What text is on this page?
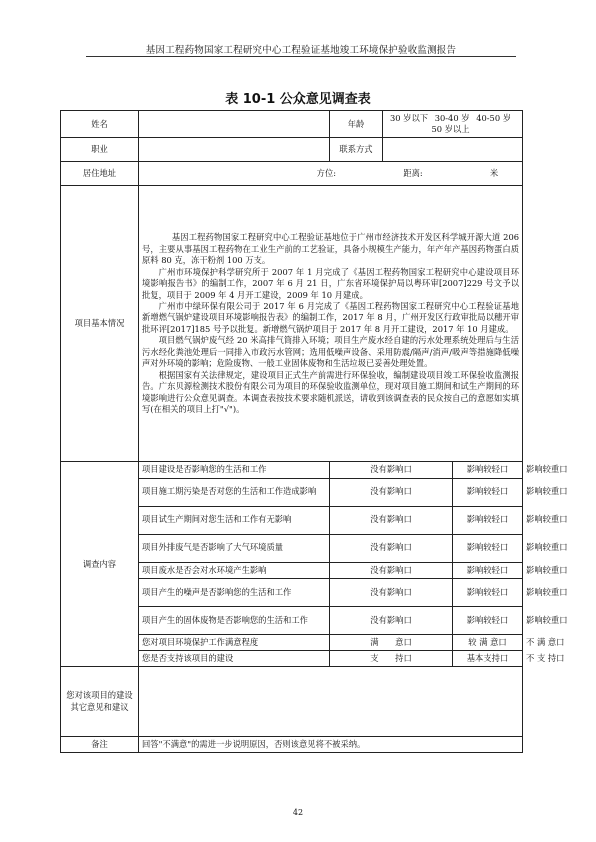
基因工程药物国家工程研究中心工程验证基地竣工环境保护验收监测报告
表 10-1 公众意见调查表
姓名		年龄	30 岁以下 30-40 岁 40-50 岁 50 岁以上		
职业		联系方式			
居住地址	方位: 距离: 米				
项目基本情况	基因工程药物国家工程研究中心工程验证基地位于广州市经济技术开发区科学城开源大道 206 号，主要从事基因工程药物在工业生产前的工艺验证，具备小规模生产能力，年产年产基因药物蛋白质原料 80 克，冻干粉剂 100 万支。

广州市环境保护科学研究所于 2007 年 1 月完成了《基因工程药物国家工程研究中心建设项目环境影响报告书》的编制工作，2007 年 6 月 21 日，广东省环境保护局以粤环审[2007]229 号文予以批复，项目于 2009 年 4 月开工建设，2009 年 10 月建成。

广州市中绿环保有限公司于 2017 年 6 月完成了《基因工程药物国家工程研究中心工程验证基地新增燃气锅炉建设项目环境影响报告表》的编制工作，2017 年 8 月，广州开发区行政审批局以穗开审批环评[2017]185 号予以批复。新增燃气锅炉项目于 2017 年 8 月开工建设，2017 年 10 月建成。

项目燃气锅炉废气经 20 米高排气筒排入环境；项目生产废水经自建的污水处理系统处理后与生活污水经化粪池处理后一同排入市政污水管网；选用低噪声设备、采用防震/隔声/消声/吸声等措施降低噪声对外环境的影响；危险废物、一般工业固体废物和生活垃圾已妥善处理处置。

根据国家有关法律规定，建设项目正式生产前需进行环保验收，编制建设项目竣工环保验收监测报告。广东贝源检测技术股份有限公司为项目的环保验收监测单位，现对项目施工期间和试生产期间的环境影响进行公众意见调查。本调查表按技术要求随机派送，请收到该调查表的民众按自己的意愿如实填写(在相关的项目上打"√")。				

调查内容	项目建设是否影响您的生活和工作	没有影响口		影响较轻口	影响较重口
	项目施工期污染是否对您的生活和工作造成影响	没有影响口		影响较轻口	影响较重口
	项目试生产期间对您生活和工作有无影响	没有影响口		影响较轻口	影响较重口
	项目外排废气是否影响了大气环境质量	没有影响口		影响较轻口	影响较重口
	项目废水是否会对水环境产生影响	没有影响口		影响较轻口	影响较重口
	项目产生的噪声是否影响您的生活和工作	没有影响口		影响较轻口	影响较重口
	项目产生的固体废物是否影响您的生活和工作	没有影响口		影响较轻口	影响较重口
	您对项目环境保护工作满意程度	满　　意口		较 满 意口	不 满 意口
	您是否支持该项目的建设	支　　持口		基本支持口	不 支 持口
您对该项目的建设其它意见和建议					
备注	回答"不满意"的需进一步说明原因，否则该意见将不被采纳。				
42
